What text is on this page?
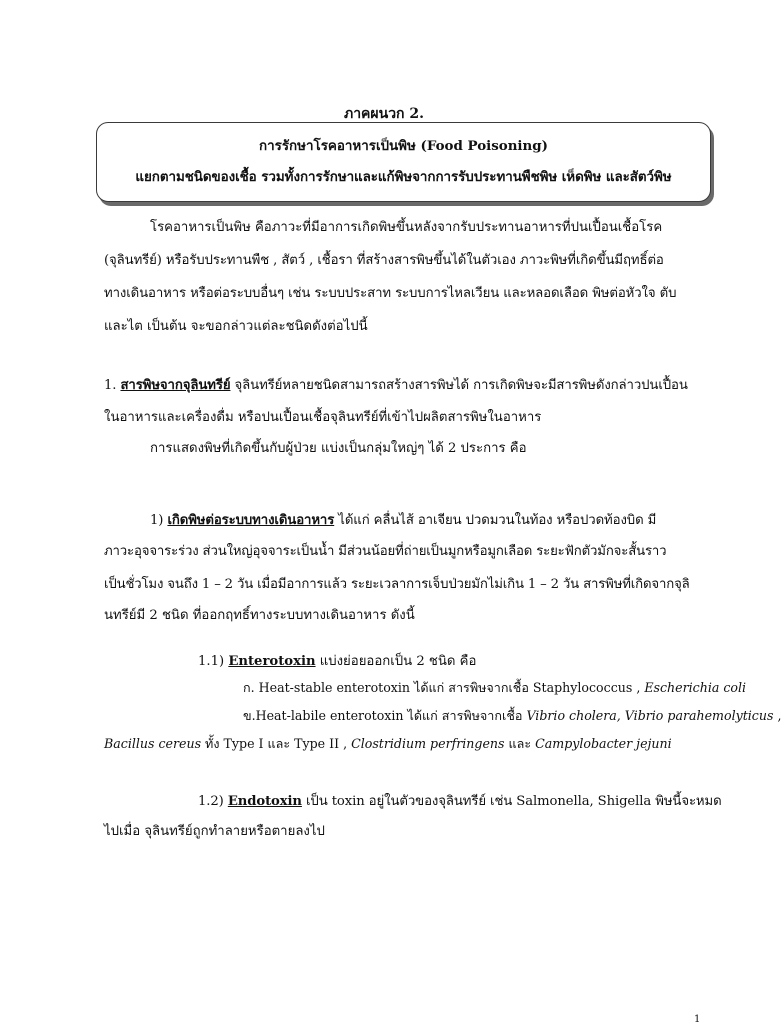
ภาคผนวก 2.
การรักษาโรคอาหารเป็นพิษ (Food Poisoning)
แยกตามชนิดของเชื้อ รวมทั้งการรักษาและแก้พิษจากการรับประทานพืชพิษ เห็ดพิษ และสัตว์พิษ
โรคอาหารเป็นพิษ คือภาวะที่มีอาการเกิดพิษขึ้นหลังจากรับประทานอาหารที่ปนเปื้อนเชื้อโรค
(จุลินทรีย์) หรือรับประทานพืช , สัตว์ , เชื้อรา ที่สร้างสารพิษขึ้นได้ในตัวเอง ภาวะพิษที่เกิดขึ้นมีฤทธิ์ต่อ
ทางเดินอาหาร หรือต่อระบบอื่นๆ เช่น ระบบประสาท ระบบการไหลเวียน และหลอดเลือด พิษต่อหัวใจ ตับ
และไต เป็นต้น จะขอกล่าวแต่ละชนิดดังต่อไปนี้
1. สารพิษจากจุลินทรีย์ จุลินทรีย์หลายชนิดสามารถสร้างสารพิษได้ การเกิดพิษจะมีสารพิษดังกล่าวปนเปื้อน
ในอาหารและเครื่องดื่ม หรือปนเปื้อนเชื้อจุลินทรีย์ที่เข้าไปผลิตสารพิษในอาหาร
การแสดงพิษที่เกิดขึ้นกับผู้ป่วย แบ่งเป็นกลุ่มใหญ่ๆ ได้ 2 ประการ คือ
1) เกิดพิษต่อระบบทางเดินอาหาร ได้แก่ คลื่นไส้ อาเจียน ปวดมวนในท้อง หรือปวดท้องบิด มี
ภาวะอุจจาระร่วง ส่วนใหญ่อุจจาระเป็นน้ำ มีส่วนน้อยที่ถ่ายเป็นมูกหรือมูกเลือด ระยะฟักตัวมักจะสั้นราว
เป็นชั่วโมง จนถึง 1 – 2 วัน เมื่อมีอาการแล้ว ระยะเวลาการเจ็บป่วยมักไม่เกิน 1 – 2 วัน สารพิษที่เกิดจากจุลิ
นทรีย์มี 2 ชนิด ที่ออกฤทธิ์ทางระบบทางเดินอาหาร ดังนี้
1.1) Enterotoxin แบ่งย่อยออกเป็น 2 ชนิด คือ
ก. Heat-stable enterotoxin ได้แก่ สารพิษจากเชื้อ Staphylococcus , Escherichia coli
ข.Heat-labile enterotoxin ได้แก่ สารพิษจากเชื้อ Vibrio cholera, Vibrio parahemolyticus ,
Bacillus cereus ทั้ง Type I และ Type II , Clostridium perfringens และ Campylobacter jejuni
1.2) Endotoxin เป็น toxin อยู่ในตัวของจุลินทรีย์ เช่น Salmonella, Shigella พิษนี้จะหมด
ไปเมื่อ จุลินทรีย์ถูกทำลายหรือตายลงไป
1
